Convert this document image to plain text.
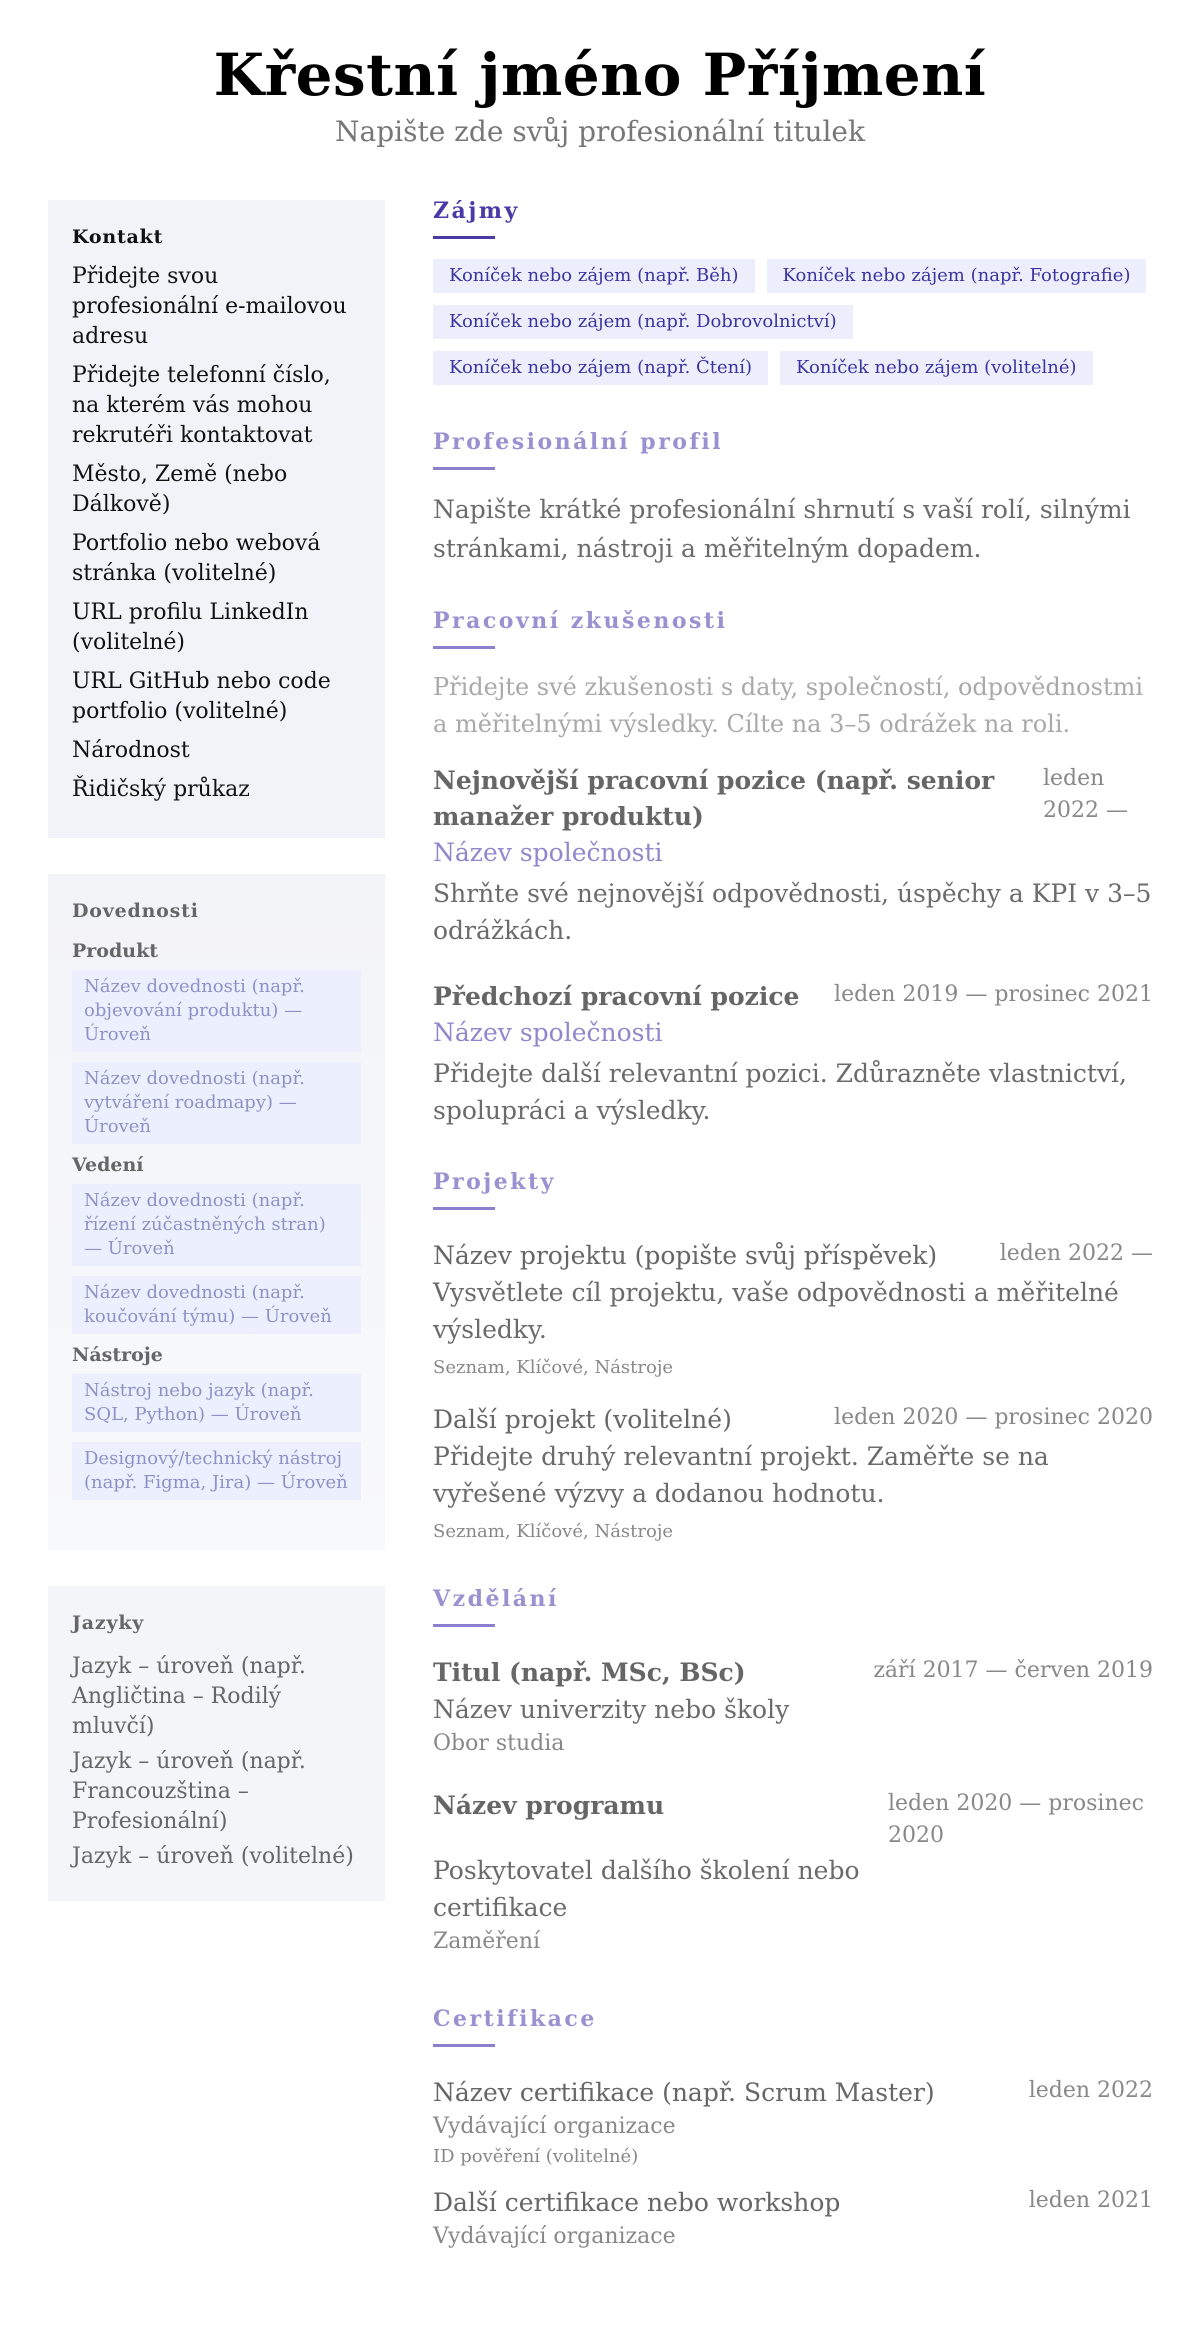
Křestní jméno Příjmení
Napište zde svůj profesionální titulek
Kontakt
Přidejte svou profesionální e-mailovou adresu
Přidejte telefonní číslo, na kterém vás mohou rekrutéři kontaktovat
Město, Země (nebo Dálkově)
Portfolio nebo webová stránka (volitelné)
URL profilu LinkedIn (volitelné)
URL GitHub nebo code portfolio (volitelné)
Národnost
Řidičský průkaz
Dovednosti
Produkt
Název dovednosti (např. objevování produktu) — Úroveň
Název dovednosti (např. vytváření roadmapy) — Úroveň
Vedení
Název dovednosti (např. řízení zúčastněných stran) — Úroveň
Název dovednosti (např. koučování týmu) — Úroveň
Nástroje
Nástroj nebo jazyk (např. SQL, Python) — Úroveň
Designový/technický nástroj (např. Figma, Jira) — Úroveň
Jazyky
Jazyk – úroveň (např. Angličtina – Rodilý mluvčí)
Jazyk – úroveň (např. Francouzština – Profesionální)
Jazyk – úroveň (volitelné)
Zájmy
Koníček nebo zájem (např. Běh)	Koníček nebo zájem (např. Fotografie)
Koníček nebo zájem (např. Dobrovolnictví)
Koníček nebo zájem (např. Čtení)	Koníček nebo zájem (volitelné)
Profesionální profil
Napište krátké profesionální shrnutí s vaší rolí, silnými stránkami, nástroji a měřitelným dopadem.
Pracovní zkušenosti
Přidejte své zkušenosti s daty, společností, odpovědnostmi a měřitelnými výsledky. Cílte na 3–5 odrážek na roli.
Nejnovější pracovní pozice (např. senior manažer produktu)
leden 2022 —
Název společnosti
Shrňte své nejnovější odpovědnosti, úspěchy a KPI v 3–5 odrážkách.
Předchozí pracovní pozice leden 2019 — prosinec 2021
Název společnosti
Přidejte další relevantní pozici. Zdůrazněte vlastnictví, spolupráci a výsledky.
Projekty
Název projektu (popište svůj příspěvek)	leden 2022 —
Vysvětlete cíl projektu, vaše odpovědnosti a měřitelné výsledky.
Seznam, Klíčové, Nástroje
Další projekt (volitelné)	leden 2020 — prosinec 2020
Přidejte druhý relevantní projekt. Zaměřte se na vyřešené výzvy a dodanou hodnotu.
Seznam, Klíčové, Nástroje
Vzdělání
Titul (např. MSc, BSc)	září 2017 — červen 2019
Název univerzity nebo školy
Obor studia
Název programu	leden 2020 — prosinec 2020
Poskytovatel dalšího školení nebo certifikace
Zaměření
Certifikace
Název certifikace (např. Scrum Master)	leden 2022
Vydávající organizace
ID pověření (volitelné)
Další certifikace nebo workshop	leden 2021
Vydávající organizace
